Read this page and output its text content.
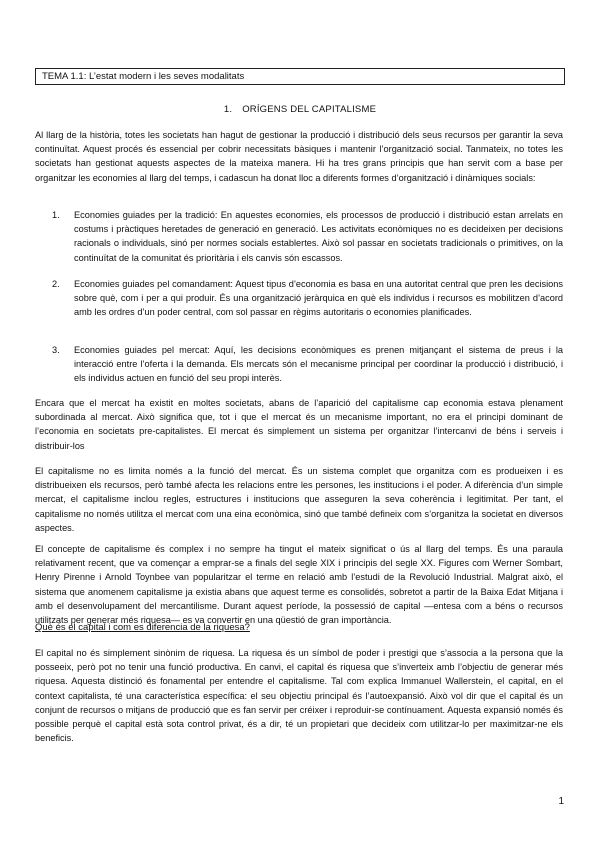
TEMA 1.1: L’estat modern i les seves modalitats
1. ORÍGENS DEL CAPITALISME
Al llarg de la història, totes les societats han hagut de gestionar la producció i distribució dels seus recursos per garantir la seva continuïtat. Aquest procés és essencial per cobrir necessitats bàsiques i mantenir l’organització social. Tanmateix, no totes les societats han gestionat aquests aspectes de la mateixa manera. Hi ha tres grans principis que han servit com a base per organitzar les economies al llarg del temps, i cadascun ha donat lloc a diferents formes d’organització i dinàmiques socials:
1.	Economies guiades per la tradició: En aquestes economies, els processos de producció i distribució estan arrelats en costums i pràctiques heretades de generació en generació. Les activitats econòmiques no es decideixen per decisions racionals o individuals, sinó per normes socials establertes. Això sol passar en societats tradicionals o primitives, on la continuïtat de la comunitat és prioritària i els canvis són escassos.
2.	Economies guiades pel comandament: Aquest tipus d’economia es basa en una autoritat central que pren les decisions sobre què, com i per a qui produir. És una organització jeràrquica en què els individus i recursos es mobilitzen d’acord amb les ordres d’un poder central, com sol passar en règims autoritaris o economies planificades.
3.	Economies guiades pel mercat: Aquí, les decisions econòmiques es prenen mitjançant el sistema de preus i la interacció entre l’oferta i la demanda. Els mercats són el mecanisme principal per coordinar la producció i distribució, i els individus actuen en funció del seu propi interès.
Encara que el mercat ha existit en moltes societats, abans de l’aparició del capitalisme cap economia estava plenament subordinada al mercat. Això significa que, tot i que el mercat és un mecanisme important, no era el principi dominant de l’economia en societats pre-capitalistes. El mercat és simplement un sistema per organitzar l’intercanvi de béns i serveis i distribuir-los
El capitalisme no es limita només a la funció del mercat. És un sistema complet que organitza com es produeixen i es distribueixen els recursos, però també afecta les relacions entre les persones, les institucions i el poder. A diferència d’un simple mercat, el capitalisme inclou regles, estructures i institucions que asseguren la seva coherència i legitimitat. Per tant, el capitalisme no només utilitza el mercat com una eina econòmica, sinó que també defineix com s’organitza la societat en diversos aspectes.
El concepte de capitalisme és complex i no sempre ha tingut el mateix significat o ús al llarg del temps. És una paraula relativament recent, que va començar a emprar-se a finals del segle XIX i principis del segle XX. Figures com Werner Sombart, Henry Pirenne i Arnold Toynbee van popularitzar el terme en relació amb l’estudi de la Revolució Industrial. Malgrat això, el sistema que anomenem capitalisme ja existia abans que aquest terme es consolidés, sobretot a partir de la Baixa Edat Mitjana i amb el desenvolupament del mercantilisme. Durant aquest període, la possessió de capital —entesa com a béns o recursos utilitzats per generar més riquesa— es va convertir en una qüestió de gran importància.
Què és el capital i com es diferencia de la riquesa?
El capital no és simplement sinònim de riquesa. La riquesa és un símbol de poder i prestigi que s’associa a la persona que la posseeix, però pot no tenir una funció productiva. En canvi, el capital és riquesa que s’inverteix amb l’objectiu de generar més riquesa. Aquesta distinció és fonamental per entendre el capitalisme. Tal com explica Immanuel Wallerstein, el capital, en el context capitalista, té una característica específica: el seu objectiu principal és l’autoexpansió. Això vol dir que el capital és un conjunt de recursos o mitjans de producció que es fan servir per créixer i reproduir-se contínuament. Aquesta expansió només és possible perquè el capital està sota control privat, és a dir, té un propietari que decideix com utilitzar-lo per maximitzar-ne els beneficis.
1
